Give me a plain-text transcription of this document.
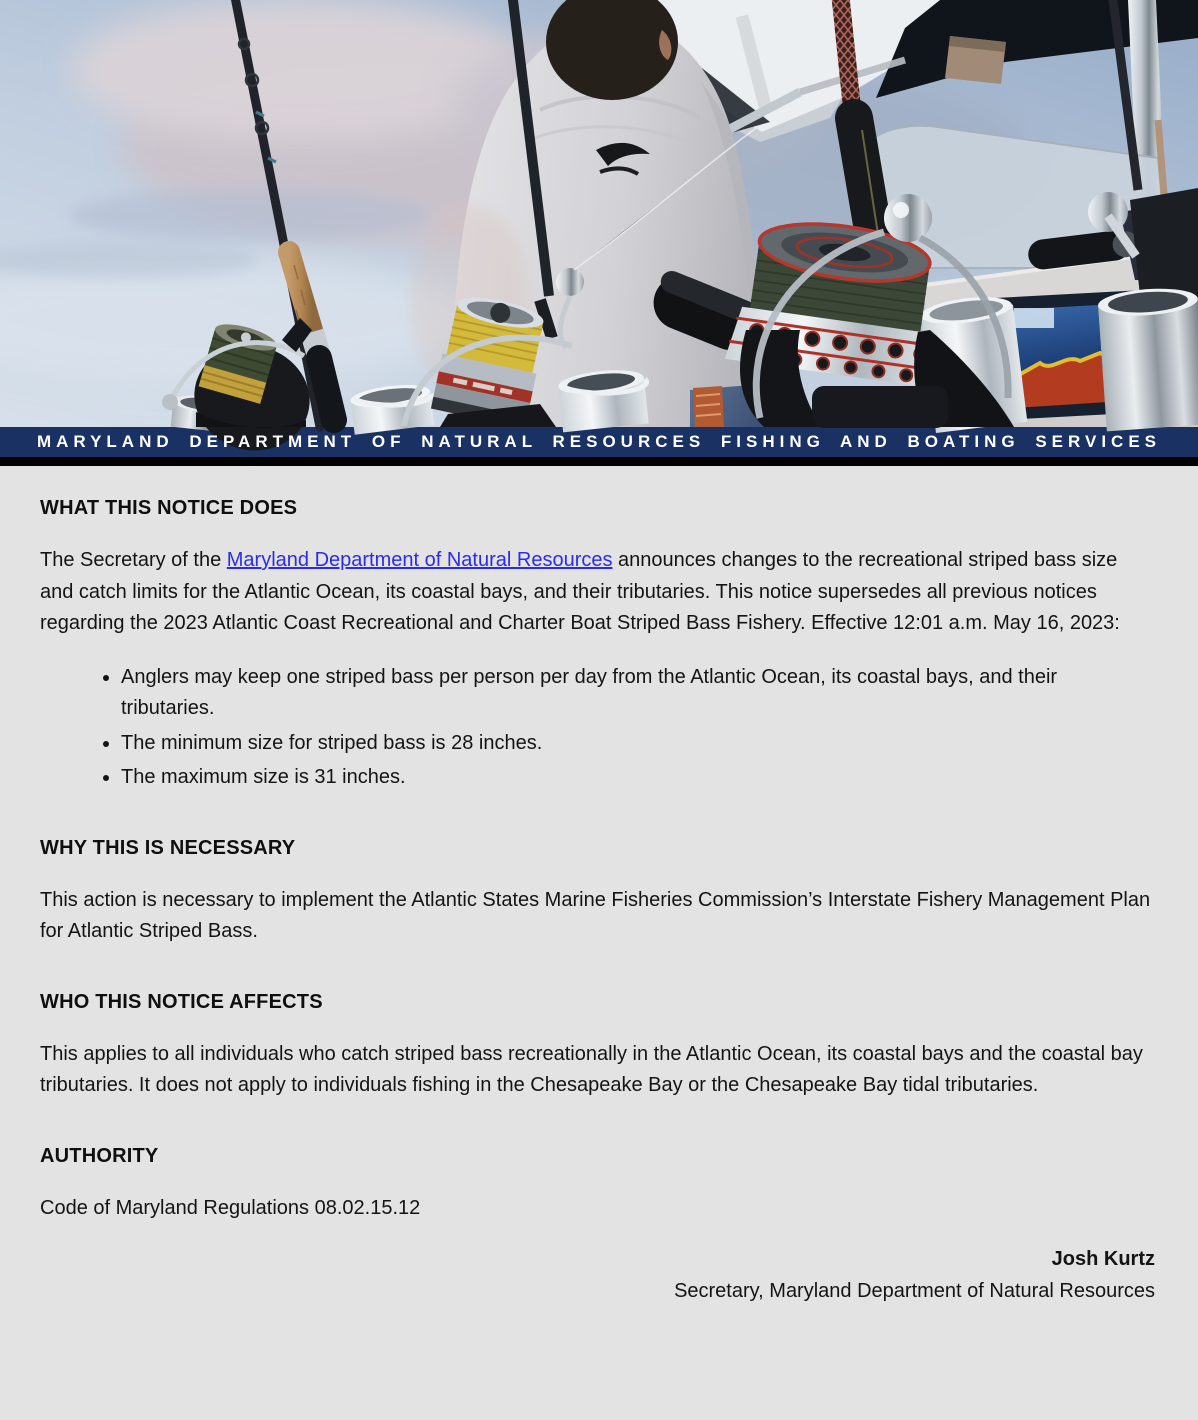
MARYLAND DEPARTMENT OF NATURAL RESOURCES FISHING AND BOATING SERVICES
WHAT THIS NOTICE DOES

The Secretary of the Maryland Department of Natural Resources announces changes to the recreational striped bass size and catch limits for the Atlantic Ocean, its coastal bays, and their tributaries. This notice supersedes all previous notices regarding the 2023 Atlantic Coast Recreational and Charter Boat Striped Bass Fishery. Effective 12:01 a.m. May 16, 2023:

• Anglers may keep one striped bass per person per day from the Atlantic Ocean, its coastal bays, and their tributaries.
• The minimum size for striped bass is 28 inches.
• The maximum size is 31 inches.
WHY THIS IS NECESSARY

This action is necessary to implement the Atlantic States Marine Fisheries Commission’s Interstate Fishery Management Plan for Atlantic Striped Bass.

WHO THIS NOTICE AFFECTS

This applies to all individuals who catch striped bass recreationally in the Atlantic Ocean, its coastal bays and the coastal bay tributaries. It does not apply to individuals fishing in the Chesapeake Bay or the Chesapeake Bay tidal tributaries.

AUTHORITY

Code of Maryland Regulations 08.02.15.12

Josh Kurtz
Secretary, Maryland Department of Natural Resources
